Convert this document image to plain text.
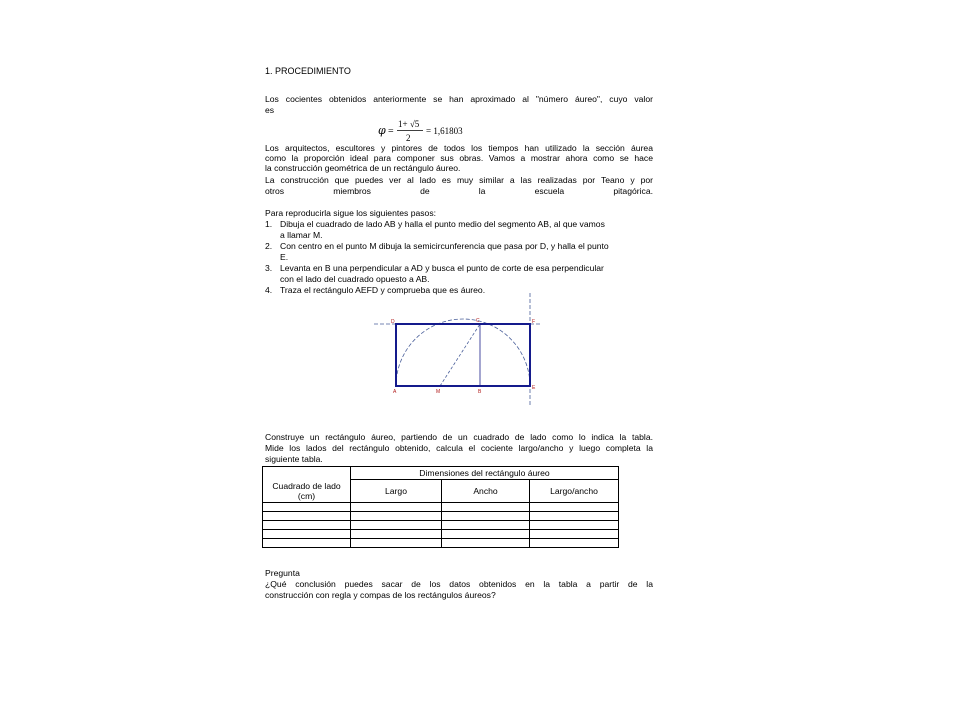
1. PROCEDIMIENTO
Los cocientes obtenidos anteriormente se han aproximado al "número áureo", cuyo valor
es
φ =
1+ √5
2
= 1,61803
Los arquitectos, escultores y pintores de todos los tiempos han utilizado la sección áurea
como la proporción ideal para componer sus obras. Vamos a mostrar ahora como se hace
la construcción geométrica de un rectángulo áureo.
La construcción que puedes ver al lado es muy similar a las realizadas por Teano y por
otros miembros de la escuela pitagórica.
Para reproducirla sigue los siguientes pasos:
1. Dibuja el cuadrado de lado AB y halla el punto medio del segmento AB, al que vamos
a llamar M.
2. Con centro en el punto M dibuja la semicircunferencia que pasa por D, y halla el punto
E.
3. Levanta en B una perpendicular a AD y busca el punto de corte de esa perpendicular
con el lado del cuadrado opuesto a AB.
4. Traza el rectángulo AEFD y comprueba que es áureo.
D	C	F
A	M	B
E
Construye un rectángulo áureo, partiendo de un cuadrado de lado como lo indica la tabla.
Mide los lados del rectángulo obtenido, calcula el cociente largo/ancho y luego completa la
siguiente tabla.
	Dimensiones del rectángulo áureo		

Cuadrado de lado
(cm)	Largo	Ancho	Largo/ancho

Pregunta
¿Qué conclusión puedes sacar de los datos obtenidos en la tabla a partir de la
construcción con regla y compas de los rectángulos áureos?
